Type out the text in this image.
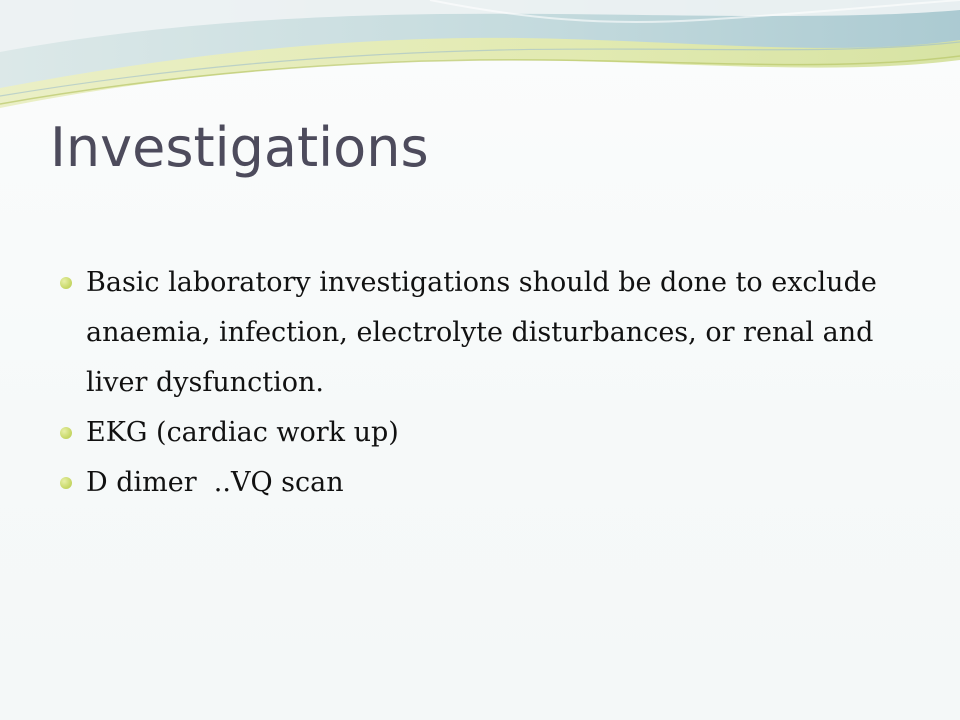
Investigations
Basic laboratory investigations should be done to exclude anaemia, infection, electrolyte disturbances, or renal and liver dysfunction.
EKG (cardiac work up)
D dimer  ..VQ scan
